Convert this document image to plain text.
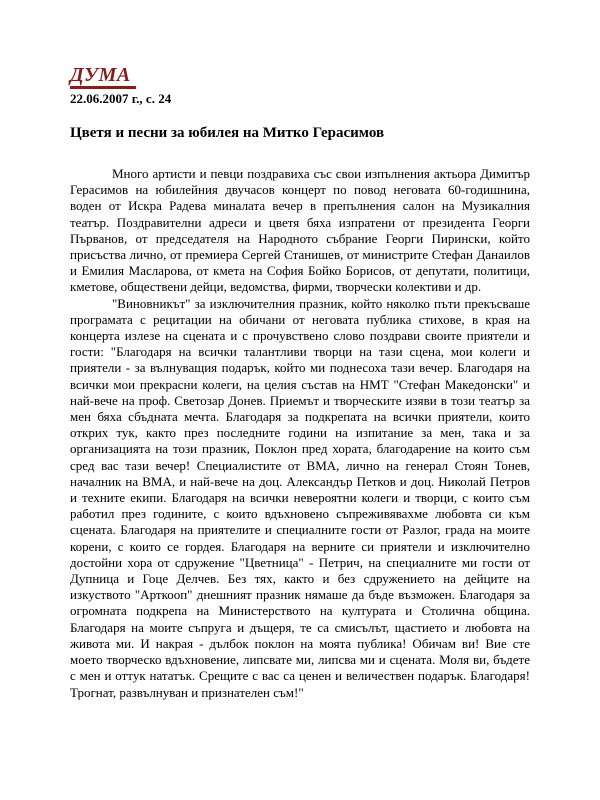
ДУМА
22.06.2007 г., с. 24
Цветя и песни за юбилея на Митко Герасимов

Много артисти и певци поздравиха със свои изпълнения актьора Димитър Герасимов на юбилейния двучасов концерт по повод неговата 60-годишнина, воден от Искра Радева миналата вечер в препълнения салон на Музикалния театър. Поздравителни адреси и цветя бяха изпратени от президента Георги Първанов, от председателя на Народното събрание Георги Пирински, който присъства лично, от премиера Сергей Станишев, от министрите Стефан Данаилов и Емилия Масларова, от кмета на София Бойко Борисов, от депутати, политици, кметове, обществени дейци, ведомства, фирми, творчески колективи и др.

"Виновникът" за изключителния празник, който няколко пъти прекъсваше програмата с рецитации на обичани от неговата публика стихове, в края на концерта излезе на сцената и с прочувствено слово поздрави своите приятели и гости: "Благодаря на всички талантливи творци на тази сцена, мои колеги и приятели - за вълнуващия подарък, който ми поднесоха тази вечер. Благодаря на всички мои прекрасни колеги, на целия състав на НМТ "Стефан Македонски" и най-вече на проф. Светозар Донев. Приемът и творческите изяви в този театър за мен бяха сбъдната мечта. Благодаря за подкрепата на всички приятели, които открих тук, както през последните години на изпитание за мен, така и за организацията на този празник, Поклон пред хората, благодарение на които съм сред вас тази вечер! Специалистите от ВМА, лично на генерал Стоян Тонев, началник на ВМА, и най-вече на доц. Александър Петков и доц. Николай Петров и техните екипи. Благодаря на всички невероятни колеги и творци, с които съм работил през годините, с които вдъхновено съпреживявахме любовта си към сцената. Благодаря на приятелите и специалните гости от Разлог, града на моите корени, с които се гордея. Благодаря на верните си приятели и изключително достойни хора от сдружение "Цветница" - Петрич, на специалните ми гости от Дупница и Гоце Делчев. Без тях, както и без сдружението на дейците на изкуството "Арткооп" днешният празник нямаше да бъде възможен. Благодаря за огромната подкрепа на Министерството на културата и Столична община. Благодаря на моите съпруга и дъщеря, те са смисълът, щастието и любовта на живота ми. И накрая - дълбок поклон на моята публика! Обичам ви! Вие сте моето творческо вдъхновение, липсвате ми, липсва ми и сцената. Моля ви, бъдете с мен и оттук нататък. Срещите с вас са ценен и величествен подарък. Благодаря! Трогнат, развълнуван и признателен съм!"
